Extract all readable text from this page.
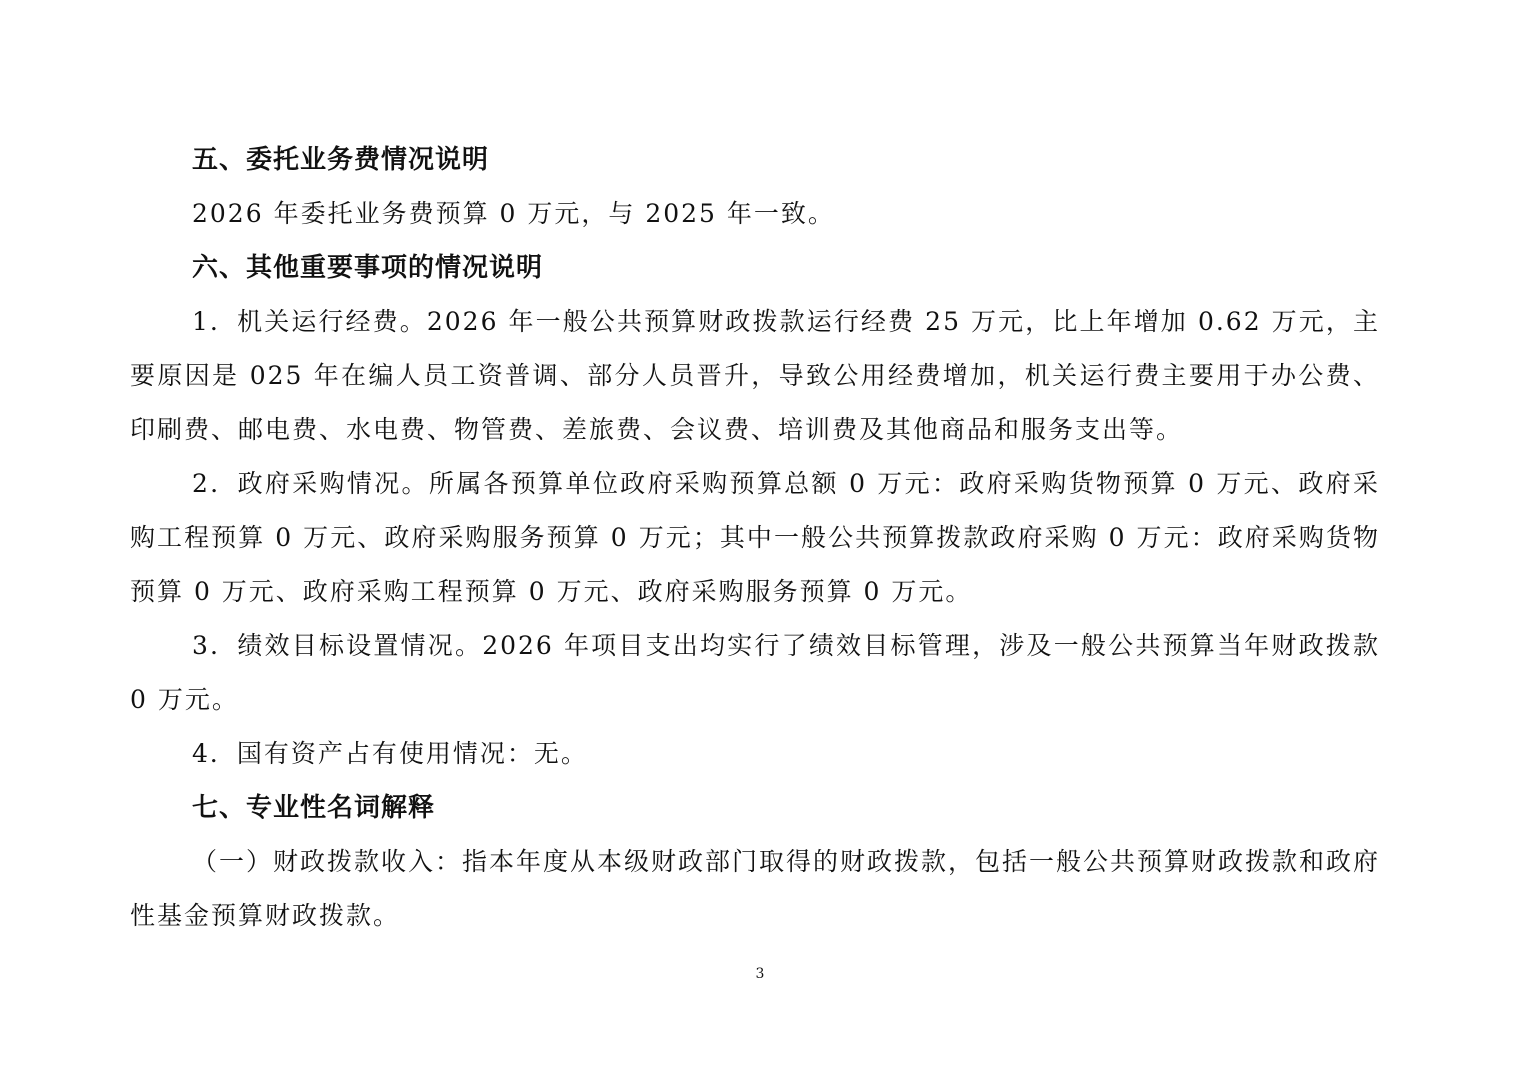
五、委托业务费情况说明
2026 年委托业务费预算 0 万元，与 2025 年一致。
六、其他重要事项的情况说明
1．机关运行经费。2026 年一般公共预算财政拨款运行经费 25 万元，比上年增加 0.62 万元，主要原因是 025 年在编人员工资普调、部分人员晋升，导致公用经费增加，机关运行费主要用于办公费、印刷费、邮电费、水电费、物管费、差旅费、会议费、培训费及其他商品和服务支出等。
2．政府采购情况。所属各预算单位政府采购预算总额 0 万元：政府采购货物预算 0 万元、政府采购工程预算 0 万元、政府采购服务预算 0 万元；其中一般公共预算拨款政府采购 0 万元：政府采购货物预算 0 万元、政府采购工程预算 0 万元、政府采购服务预算 0 万元。
3．绩效目标设置情况。2026 年项目支出均实行了绩效目标管理，涉及一般公共预算当年财政拨款 0 万元。
4．国有资产占有使用情况：无。
七、专业性名词解释
（一）财政拨款收入：指本年度从本级财政部门取得的财政拨款，包括一般公共预算财政拨款和政府性基金预算财政拨款。
3
